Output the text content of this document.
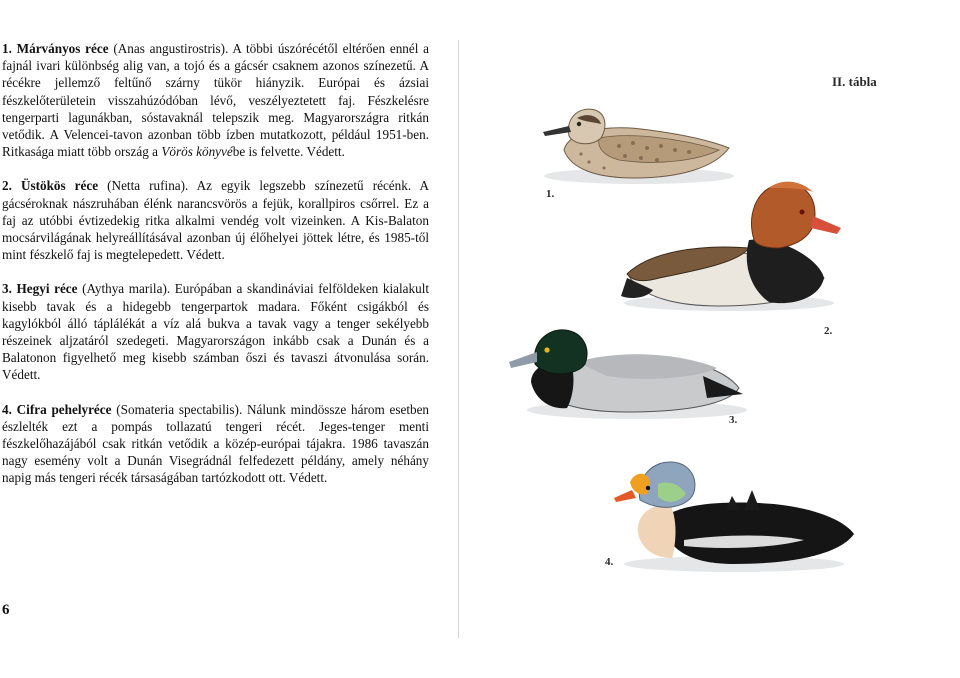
1. Márványos réce (Anas angustirostris). A többi úszórécétől eltérően ennél a fajnál ivari különbség alig van, a tojó és a gácsér csaknem azonos színezetű. A récékre jellemző feltűnő szárny tükör hiányzik. Európai és ázsiai fészkelőterületein visszahúzódóban lévő, veszélyeztetett faj. Fészkelésre tengerparti lagunákban, sóstavaknál telepszik meg. Magyarországra ritkán vetődik. A Velencei-tavon azonban több ízben mutatkozott, például 1951-ben. Ritkasága miatt több ország a Vörös könyvébe is felvette. Védett.

2. Üstökös réce (Netta rufina). Az egyik legszebb színezetű récénk. A gácséroknak nászruhában élénk narancsvörös a fejük, korallpiros csőrrel. Ez a faj az utóbbi évtizedekig ritka alkalmi vendég volt vizeinken. A Kis-Balaton mocsárvilágának helyreállításával azonban új élőhelyei jöttek létre, és 1985-től mint fészkelő faj is megtelepedett. Védett.

3. Hegyi réce (Aythya marila). Európában a skandináviai felföldeken kialakult kisebb tavak és a hidegebb tengerpartok madara. Főként csigákból és kagylókból álló táplálékát a víz alá bukva a tavak vagy a tenger sekélyebb részeinek aljzatáról szedegeti. Magyarországon inkább csak a Dunán és a Balatonon figyelhető meg kisebb számban őszi és tavaszi átvonulása során. Védett.

4. Cifra pehelyréce (Somateria spectabilis). Nálunk mindössze három esetben észlelték ezt a pompás tollazatú tengeri récét. Jeges-tenger menti fészkelőhazájából csak ritkán vetődik a közép-európai tájakra. 1986 tavaszán nagy esemény volt a Dunán Visegrádnál felfedezett példány, amely néhány napig más tengeri récék társaságában tartózkodott ott. Védett.

6
II. tábla
1.
2.
3.
4.
